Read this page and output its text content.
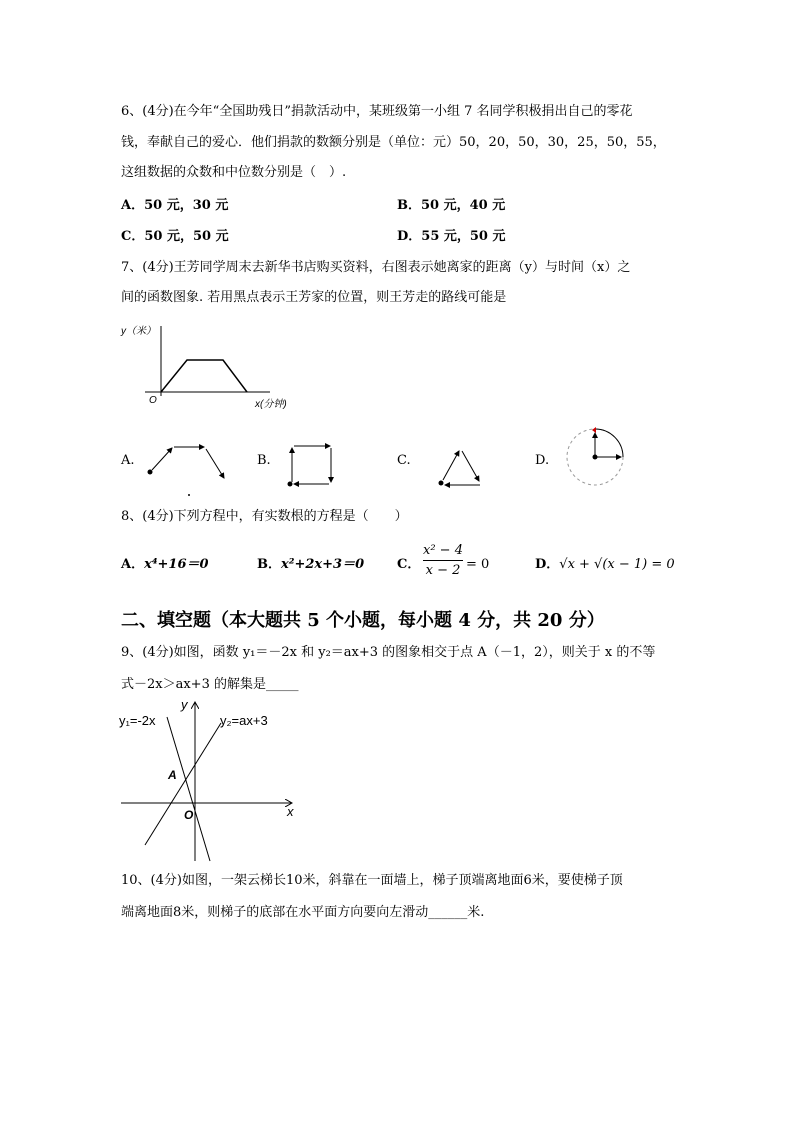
6、(4分)在今年“全国助残日”捐款活动中，某班级第一小组 7 名同学积极捐出自己的零花
钱，奉献自己的爱心．他们捐款的数额分别是（单位：元）50，20，50，30，25，50，55，
这组数据的众数和中位数分别是（　）.
A．50 元，30 元	B．50 元，40 元
C．50 元，50 元	D．55 元，50 元
7、(4分)王芳同学周末去新华书店购买资料，右图表示她离家的距离（y）与时间（x）之
间的函数图象. 若用黑点表示王芳家的位置，则王芳走的路线可能是
y（米）
O	x(分钟)
A.	B.	C.	D.
8、(4分)下列方程中，有实数根的方程是（　　）
A．x⁴+16＝0	B．x²+2x+3＝0	C． $\frac{\text{x² − 4}}{x - 2}$
= 0	D．√x + √(x − 1) = 0
二、填空题（本大题共 5 个小题，每小题 4 分，共 20 分）
9、(4分)如图，函数 y₁＝－2x 和 y₂＝ax+3 的图象相交于点 A（－1，2），则关于 x 的不等
式－2x＞ax+3 的解集是_____
y₁=-2x	y₂=ax+3
y
x
O
A
10、(4分)如图，一架云梯长10米，斜靠在一面墙上，梯子顶端离地面6米，要使梯子顶
端离地面8米，则梯子的底部在水平面方向要向左滑动______米.
